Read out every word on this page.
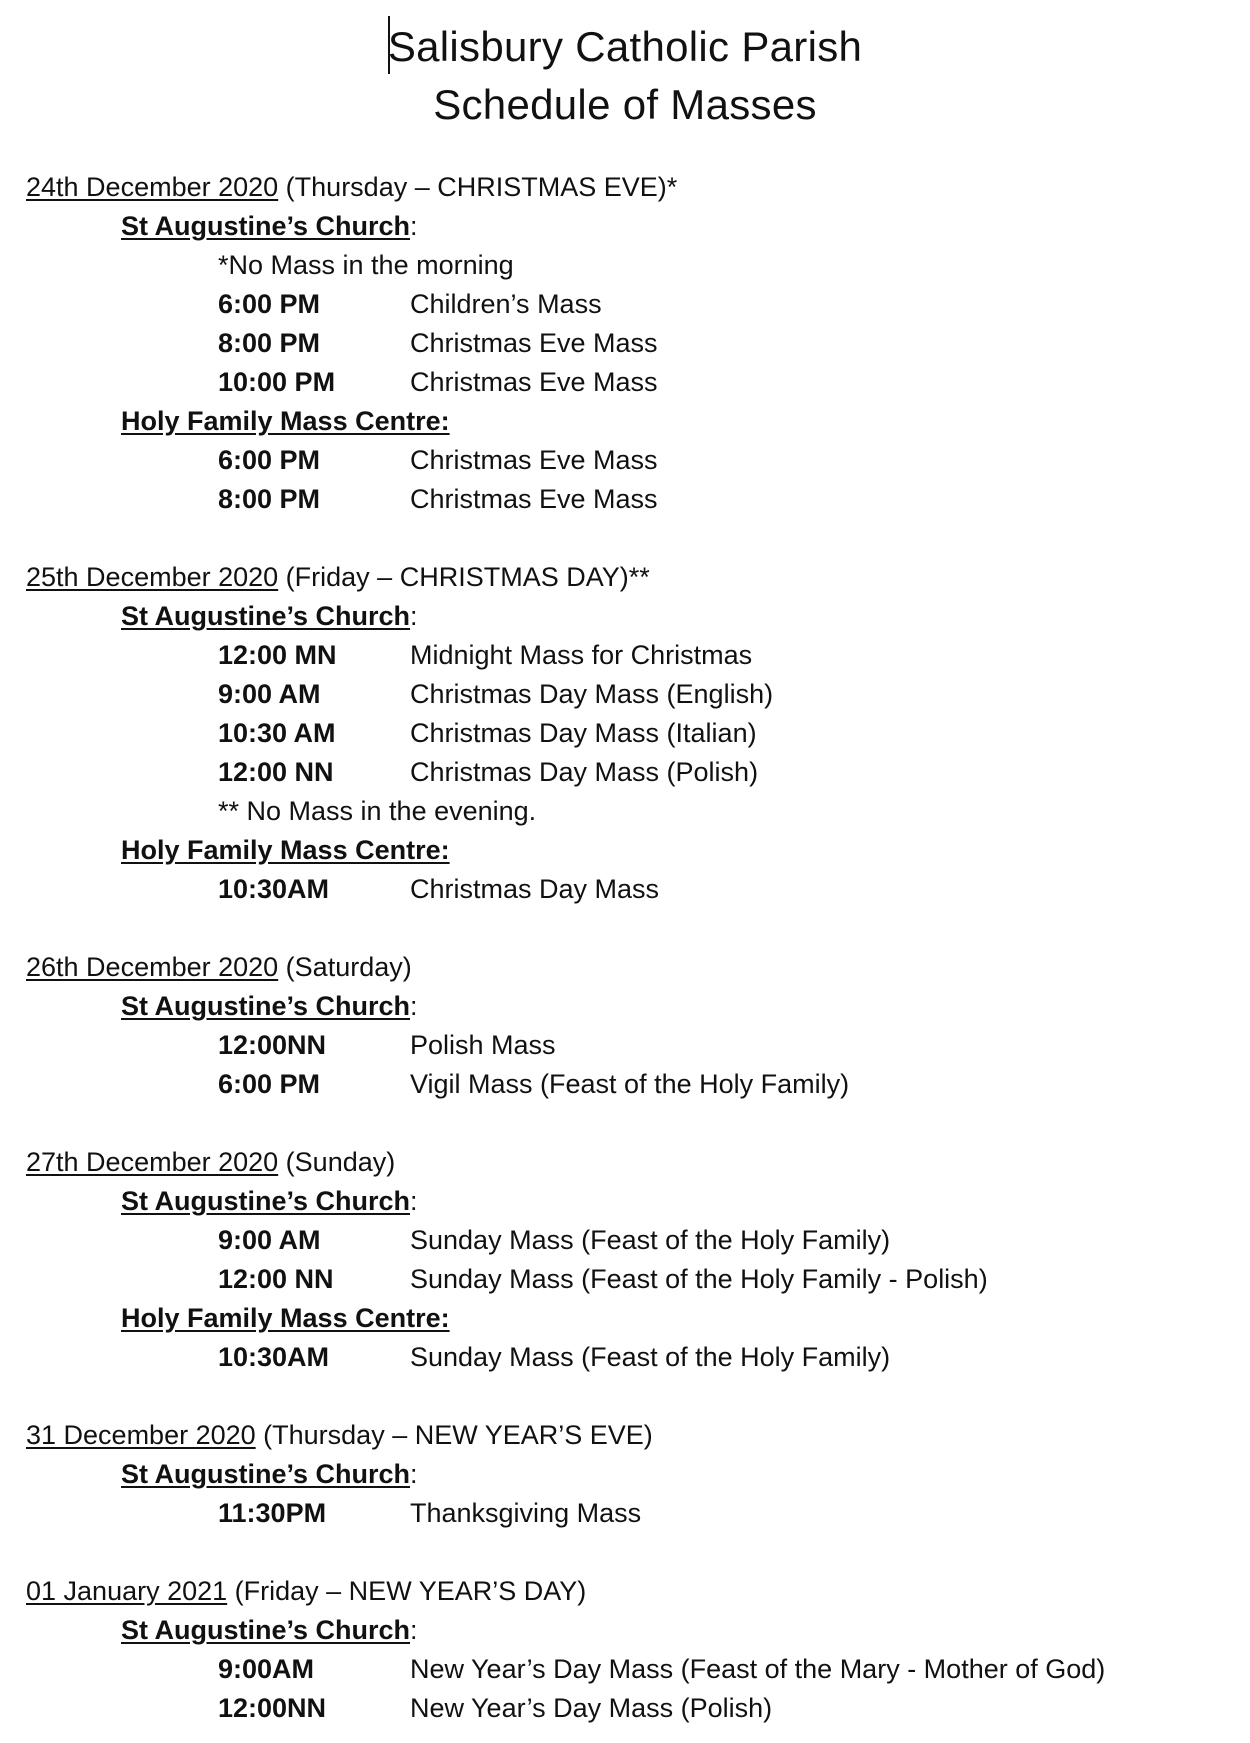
Salisbury Catholic Parish
Schedule of Masses
24th December 2020 (Thursday – CHRISTMAS EVE)*
St Augustine’s Church:
*No Mass in the morning
6:00 PM	Children’s Mass
8:00 PM	Christmas Eve Mass
10:00 PM	Christmas Eve Mass
Holy Family Mass Centre:
6:00 PM	Christmas Eve Mass
8:00 PM	Christmas Eve Mass
25th December 2020 (Friday – CHRISTMAS DAY)**
St Augustine’s Church:
12:00 MN	Midnight Mass for Christmas
9:00 AM	Christmas Day Mass (English)
10:30 AM	Christmas Day Mass (Italian)
12:00 NN	Christmas Day Mass (Polish)
** No Mass in the evening.
Holy Family Mass Centre:
10:30AM	Christmas Day Mass
26th December 2020 (Saturday)
St Augustine’s Church:
12:00NN	Polish Mass
6:00 PM	Vigil Mass (Feast of the Holy Family)
27th December 2020 (Sunday)
St Augustine’s Church:
9:00 AM	Sunday Mass (Feast of the Holy Family)
12:00 NN	Sunday Mass (Feast of the Holy Family - Polish)
Holy Family Mass Centre:
10:30AM	Sunday Mass (Feast of the Holy Family)
31 December 2020 (Thursday – NEW YEAR’S EVE)
St Augustine’s Church:
11:30PM	Thanksgiving Mass
01 January 2021 (Friday – NEW YEAR’S DAY)
St Augustine’s Church:
9:00AM	New Year’s Day Mass (Feast of the Mary - Mother of God)
12:00NN	New Year’s Day Mass (Polish)
